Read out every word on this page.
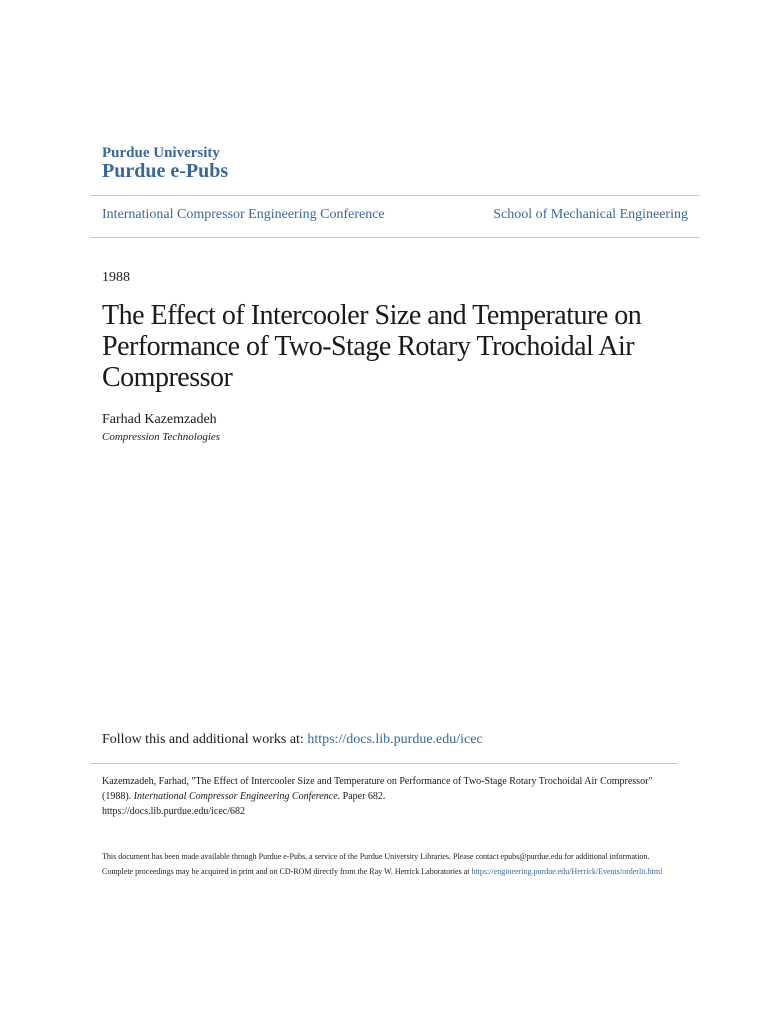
Purdue University
Purdue e-Pubs
International Compressor Engineering Conference	School of Mechanical Engineering
1988
The Effect of Intercooler Size and Temperature on Performance of Two-Stage Rotary Trochoidal Air Compressor
Farhad Kazemzadeh
Compression Technologies
Follow this and additional works at: https://docs.lib.purdue.edu/icec
Kazemzadeh, Farhad, "The Effect of Intercooler Size and Temperature on Performance of Two-Stage Rotary Trochoidal Air Compressor" (1988). International Compressor Engineering Conference. Paper 682.
https://docs.lib.purdue.edu/icec/682
This document has been made available through Purdue e-Pubs, a service of the Purdue University Libraries. Please contact epubs@purdue.edu for additional information.
Complete proceedings may be acquired in print and on CD-ROM directly from the Ray W. Herrick Laboratories at https://engineering.purdue.edu/Herrick/Events/orderlit.html
